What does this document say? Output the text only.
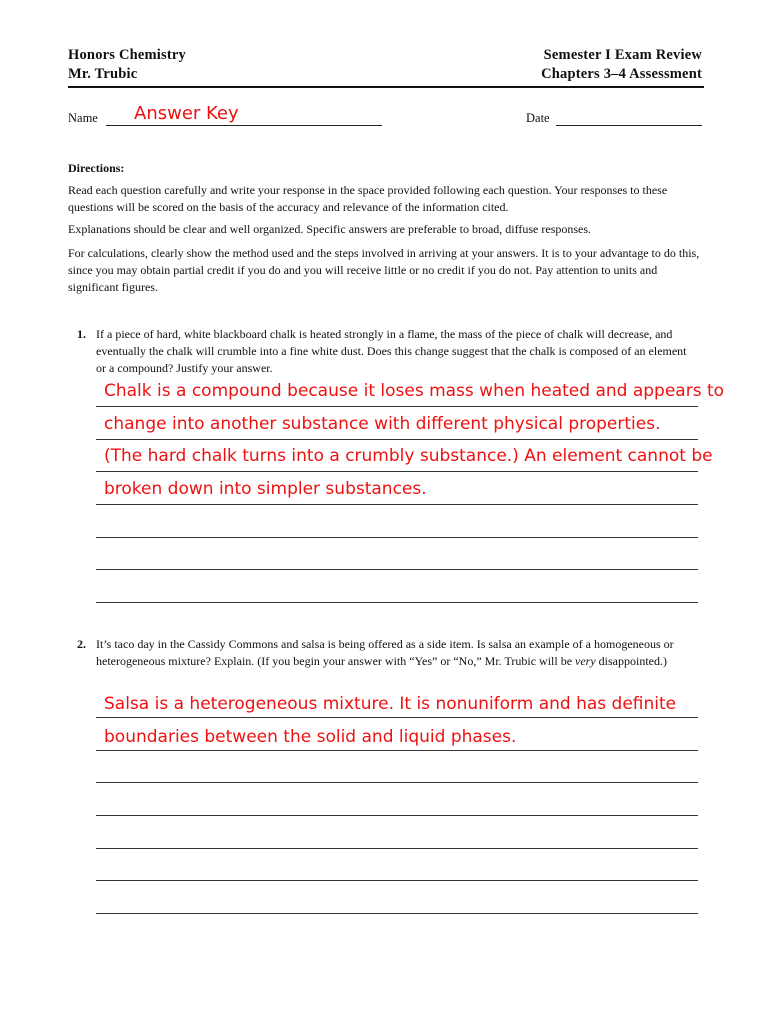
Honors Chemistry
Mr. Trubic
Semester I Exam Review
Chapters 3–4 Assessment
Name Answer Key	Date
Directions:
Read each question carefully and write your response in the space provided following each question. Your responses to these questions will be scored on the basis of the accuracy and relevance of the information cited.
Explanations should be clear and well organized. Specific answers are preferable to broad, diffuse responses.
For calculations, clearly show the method used and the steps involved in arriving at your answers. It is to your advantage to do this, since you may obtain partial credit if you do and you will receive little or no credit if you do not. Pay attention to units and significant figures.
1. If a piece of hard, white blackboard chalk is heated strongly in a flame, the mass of the piece of chalk will decrease, and eventually the chalk will crumble into a fine white dust. Does this change suggest that the chalk is composed of an element or a compound? Justify your answer.
Chalk is a compound because it loses mass when heated and appears to
change into another substance with different physical properties.
(The hard chalk turns into a crumbly substance.) An element cannot be
broken down into simpler substances.
2. It’s taco day in the Cassidy Commons and salsa is being offered as a side item. Is salsa an example of a homogeneous or heterogeneous mixture? Explain. (If you begin your answer with “Yes” or “No,” Mr. Trubic will be very disappointed.)
Salsa is a heterogeneous mixture. It is nonuniform and has definite
boundaries between the solid and liquid phases.
